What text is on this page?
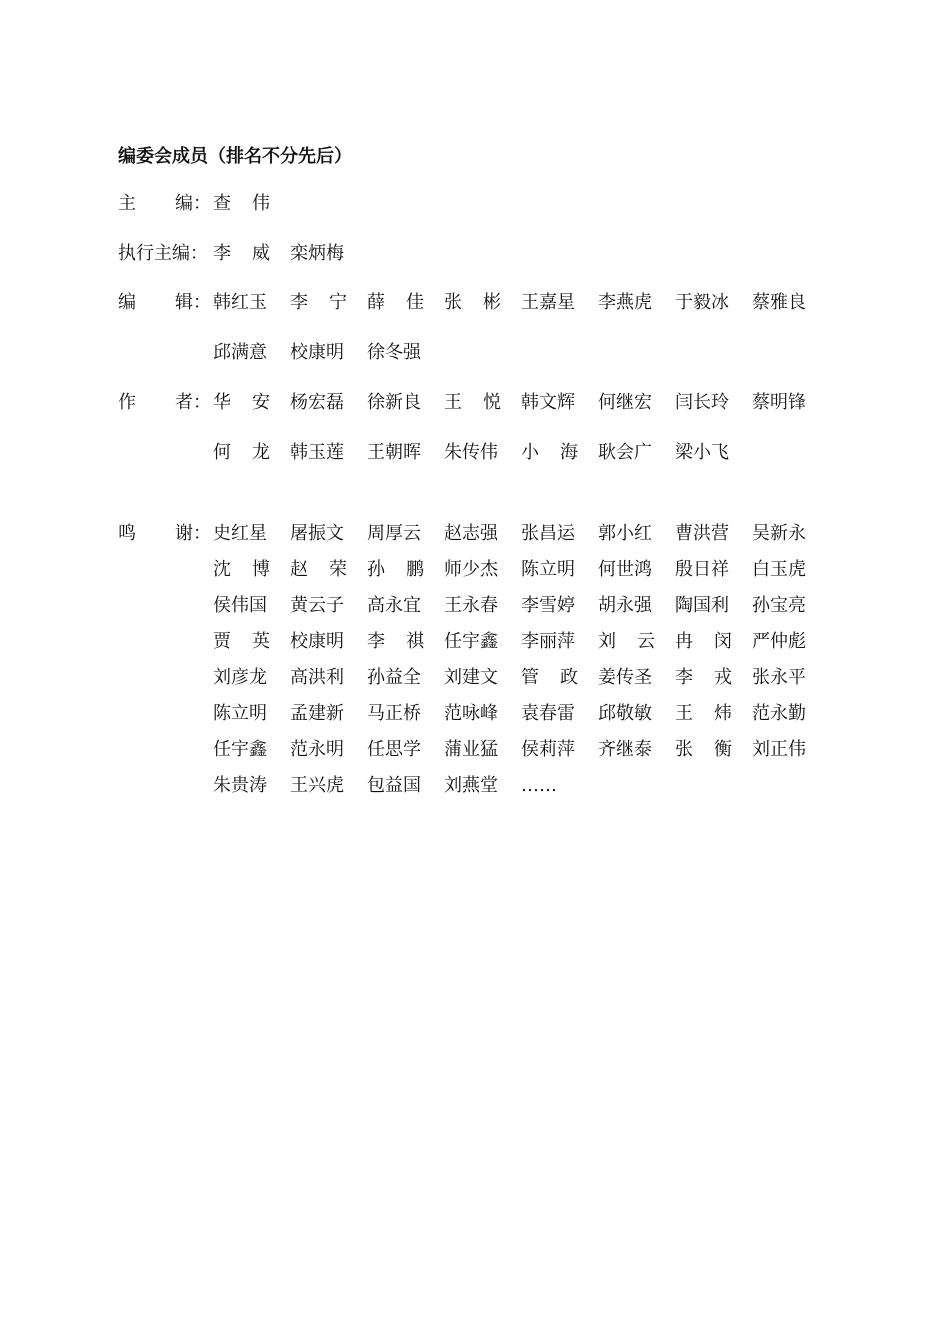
编委会成员（排名不分先后）
主 编： 查 伟
执行主编： 李 威 栾炳梅
编 辑： 韩红玉 李 宁 薛 佳 张 彬 王嘉星 李燕虎 于毅冰 蔡雅良
邱满意 校康明 徐冬强
作 者： 华 安 杨宏磊 徐新良 王 悦 韩文辉 何继宏 闫长玲 蔡明锋
何 龙 韩玉莲 王朝晖 朱传伟 小 海 耿会广 梁小飞
鸣 谢： 史红星 屠振文 周厚云 赵志强 张昌运 郭小红 曹洪营 吴新永
沈 博 赵 荣 孙 鹏 师少杰 陈立明 何世鸿 殷日祥 白玉虎
侯伟国 黄云子 高永宜 王永春 李雪婷 胡永强 陶国利 孙宝亮
贾 英 校康明 李 祺 任宇鑫 李丽萍 刘 云 冉 闵 严仲彪
刘彦龙 高洪利 孙益全 刘建文 管 政 姜传圣 李 戎 张永平
陈立明 孟建新 马正桥 范咏峰 袁春雷 邱敬敏 王 炜 范永勤
任宇鑫 范永明 任思学 蒲业猛 侯莉萍 齐继泰 张 衡 刘正伟
朱贵涛 王兴虎 包益国 刘燕堂 ……
